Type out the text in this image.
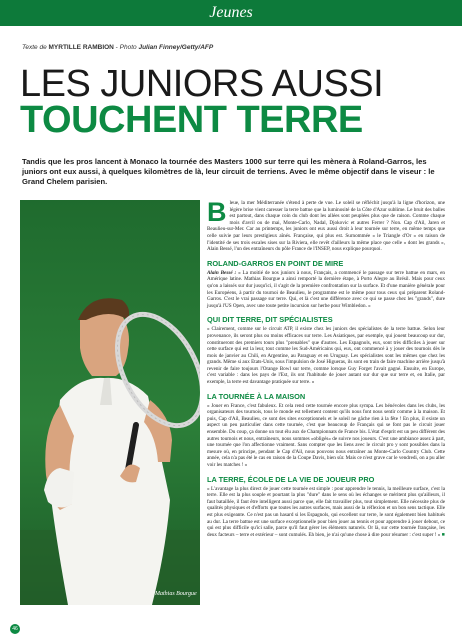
Jeunes
Texte de MYRTILLE RAMBION - Photo Julian Finney/Getty/AFP
LES JUNIORS AUSSI
TOUCHENT TERRE
Tandis que les pros lancent à Monaco la tournée des Masters 1000 sur terre qui les mènera à Roland-Garros, les juniors ont eux aussi, à quelques kilomètres de là, leur circuit de terriens. Avec le même objectif dans le viseur : le Grand Chelem parisien.
Mathias Bourgue

Bleue, la mer Méditerranée s'étend à perte de vue. Le soleil se réfléchit jusqu'à la ligne d'horizon, une légère brise vient caresser la terre battue que la luminosité de la Côte d'Azur sublime. Le bruit des balles est partout, dans chaque coin du club dont les allées sont peuplées plus que de raison. Comme chaque mois d'avril ou de mai, Monte-Carlo, Nadal, Djokovic et autres Ferrer ? Non. Cap d'Ail, Jaren et Beaulieu-sur-Mer. Car au printemps, les juniors ont eux aussi droit à leur tournée sur terre, en même temps que celle suivie par leurs prestigieux aînés. Française, qui plus est. Surnommée « le Triangle d'Or » en raison de l'identité de ses trois escales sises sur la Riviera, elle revêt d'ailleurs la même place que celle « dont les grands », Alain Bessé, l'un des entraîneurs du pôle France de l'INSEP, nous explique pourquoi.

ROLAND-GARROS EN POINT DE MIRE

Alain Bessé : « La moitié de nos juniors à nous, Français, a commencé le passage sur terre battue en mars, en Amérique latine. Mathias Bourgue a ainsi remporté la dernière étape, à Porto Alegre au Brésil. Mais pour ceux qu'on a laissés sur dur jusqu'ici, il s'agit de la première confrontation sur la surface. Et d'une manière générale pour les Européens, à partir du tournoi de Beaulieu, le programme est le même pour tous ceux qui préparent Roland-Garros. C'est le vrai passage sur terre. Qui, et là c'est une différence avec ce qui se passe chez les "grands", dure jusqu'à l'US Open, avec une toute petite incursion sur herbe pour Wimbledon. »

QUI DIT TERRE, DIT SPÉCIALISTES

« Clairement, comme sur le circuit ATP, il existe chez les juniors des spécialistes de la terre battue. Selon leur provenance, ils seront plus ou moins efficaces sur terre. Les Asiatiques, par exemple, qui jouent beaucoup sur dur, constitueront des premiers tours plus "prenables" que d'autres. Les Espagnols, eux, sont très difficiles à jouer sur cette surface qui est la leur, tout comme les Sud-Américains qui, eux, ont commencé à y jouer des tournois dès le mois de janvier au Chili, en Argentine, au Paraguay et en Uruguay. Les spécialistes sont les mêmes que chez les grands. Même si aux Etats-Unis, sous l'impulsion de José Higueras, ils sont en train de faire machine arrière jusqu'à revenir de faire toujours l'Orange Bowl sur terre, comme lorsque Guy Forget l'avait gagné. Ensuite, en Europe, c'est variable : dans les pays de l'Est, ils ont l'habitude de jouer autant sur dur que sur terre et, en Italie, par exemple, la terre est davantage pratiquée sur terre. »

LA TOURNÉE À LA MAISON

« Jouer en France, c'est fabuleux. Et cela rend cette tournée encore plus sympa. Les bénévoles dans les clubs, les organisateurs des tournois, tous le monde est tellement content qu'ils nous font nous sentir comme à la maison. Et puis, Cap d'Ail, Beaulieu, ce sont des sites exceptionnels et le soleil ne gâche rien à la fête ! En plus, il existe un aspect un peu particulier dans cette tournée, c'est que beaucoup de Français qui se font pas le circuit jouer ensemble. Du coup, ça donne un tout élu aux de Championnats de France bis. L'état d'esprit est un peu différent des autres tournois et nous, entraîneurs, nous sommes «obligés» de suivre nos joueurs. C'est une ambiance assez à part, une tournée que l'on affectionne vraiment. Sans compter que les liens avec le circuit pro y sont possibles dans la mesure où, en principe, pendant le Cap d'Ail, nous pouvons nous entraîner au Monte-Carlo Country Club. Cette année, cela n'a pas été le cas en raison de la Coupe Davis, bien sûr. Mais ce n'est grave car le vendredi, on a pu aller voir les matches ! »

LA TERRE, ÉCOLE DE LA VIE DE JOUEUR PRO

« L'avantage la plus direct de jouer cette tournée est simple : pour apprendre le tennis, la meilleure surface, c'est la terre. Elle est la plus souple et pourtant la plus "dure" dans le sens où les échanges se méritent plus qu'ailleurs, il faut bataillée, il faut être intelligent aussi parce que, elle fait travailler plus, tout simplement. Elle nécessite plus de qualités physiques et d'efforts que toutes les autres surfaces, mais aussi de la réflexion et un bon sens tactique. Elle est plus exigeante. Ce n'est pas un hasard si les Espagnols, qui excellent sur terre, le sont également bien habitués au dur. La terre battue est une surface exceptionnelle pour bien jouer au tennis et pour apprendre à jouer debout, ce qui est plus difficile qu'ici salle, parce qu'il faut gérer les éléments naturels. Or là, sur cette tournée française, les deux facteurs – terre et extérieur – sont cumulés. Eh bien, je n'ai qu'une chose à dire pour résumer : c'est super ! » ■

46
